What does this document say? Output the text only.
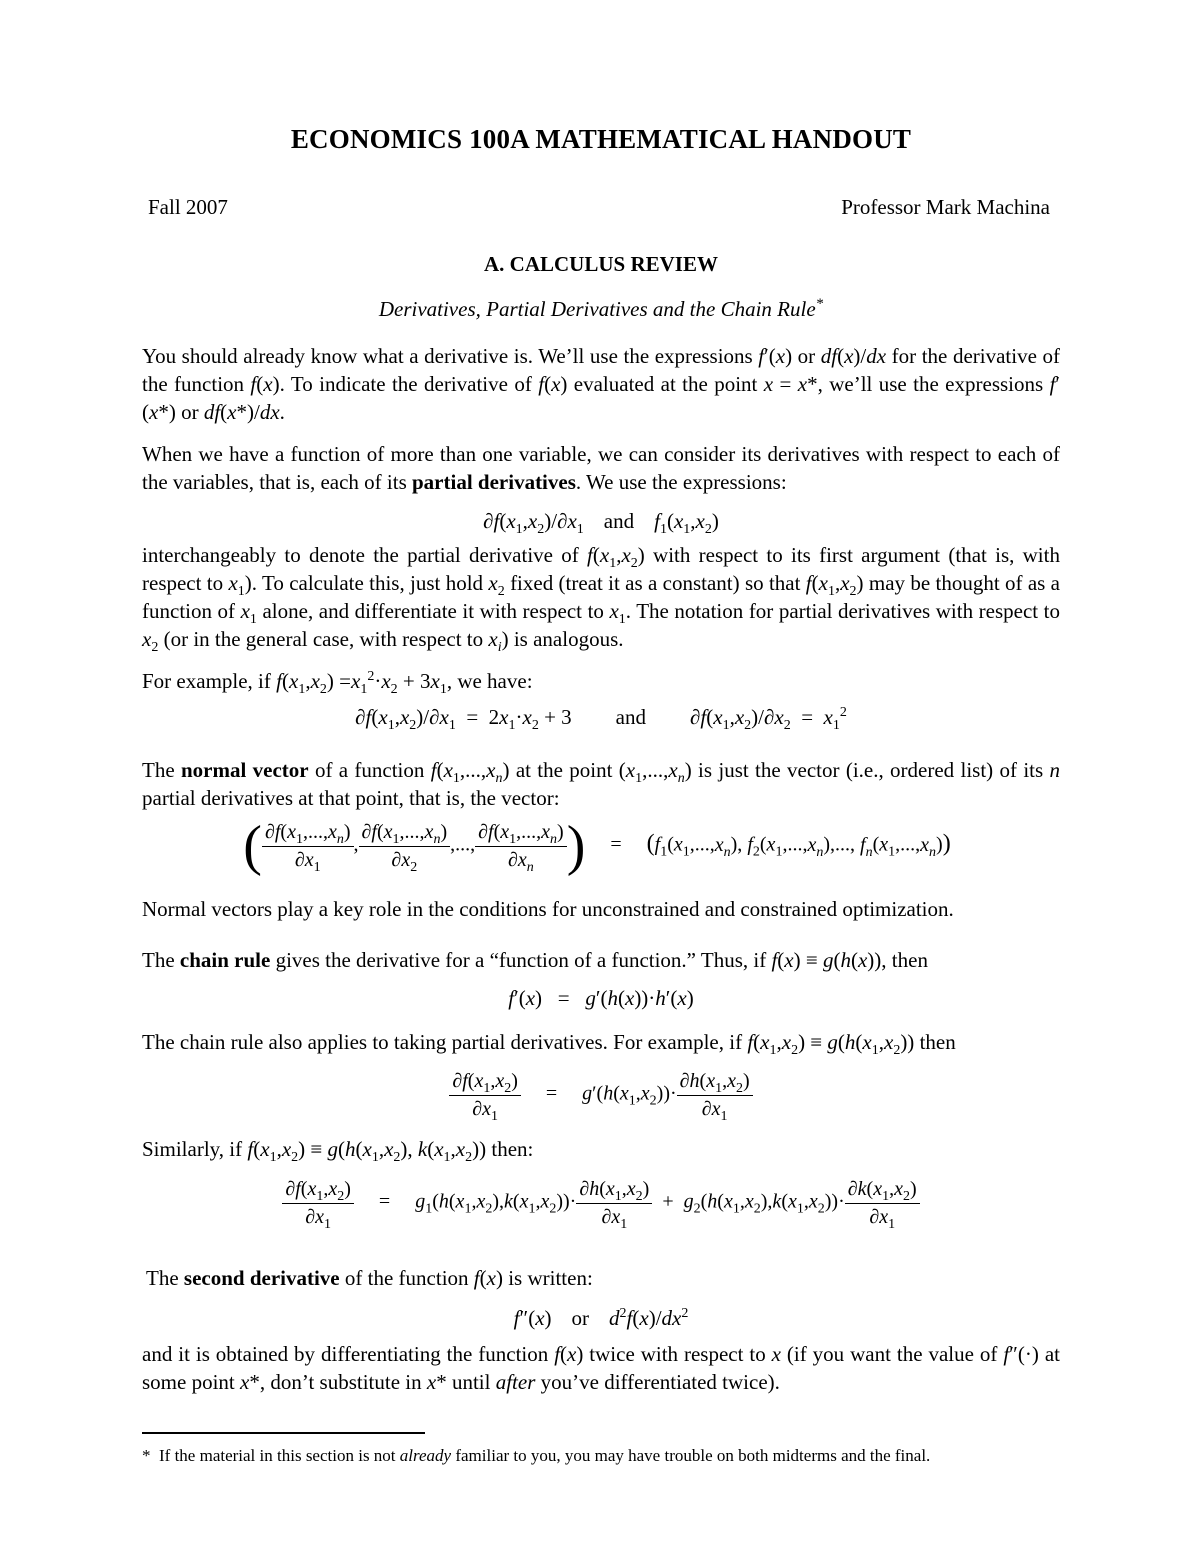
ECONOMICS 100A MATHEMATICAL HANDOUT
Fall 2007	Professor Mark Machina
A. CALCULUS REVIEW
Derivatives, Partial Derivatives and the Chain Rule*
You should already know what a derivative is. We’ll use the expressions f′(x) or df(x)/dx for the derivative of the function f(x). To indicate the derivative of f(x) evaluated at the point x = x*, we’ll use the expressions f′(x*) or df(x*)/dx.
When we have a function of more than one variable, we can consider its derivatives with respect to each of the variables, that is, each of its partial derivatives. We use the expressions:
$\partial f(x_1,x_2)/\partial x_1$ and $f_1(x_1,x_2)$
interchangeably to denote the partial derivative of $f(x_1,x_2)$ with respect to its first argument (that is, with respect to $x_1$). To calculate this, just hold $x_2$ fixed (treat it as a constant) so that $f(x_1,x_2)$ may be thought of as a function of $x_1$ alone, and differentiate it with respect to $x_1$. The notation for partial derivatives with respect to $x_2$ (or in the general case, with respect to $x_i$) is analogous.
For example, if $f(x_1,x_2) =x_1^2\cdot x_2 + 3x_1$, we have:
$\partial f(x_1,x_2)/\partial x_1 = 2x_1\cdot x_2 + 3$ and $\partial f(x_1,x_2)/\partial x_2 = x_1^2$
The normal vector of a function $f(x_1,...,x_n)$ at the point $(x_1,...,x_n)$ is just the vector (i.e., ordered list) of its n partial derivatives at that point, that is, the vector:
( $\frac{\partial f(x_1,...,x_n)}{\partial x_1}$ , $\frac{\partial f(x_1,...,x_n)}{\partial x_2}$ ,..., $\frac{\partial f(x_1,...,x_n)}{\partial x_n}$ ) = ($f_1(x_1,...,x_n)$, $f_2(x_1,...,x_n)$,..., $f_n(x_1,...,x_n)$)
Normal vectors play a key role in the conditions for unconstrained and constrained optimization.
The chain rule gives the derivative for a “function of a function.” Thus, if f(x) ≡ g(h(x)), then
f′(x)   =   g′(h(x))·h′(x)
The chain rule also applies to taking partial derivatives. For example, if $f(x_1,x_2) \equiv g(h(x_1,x_2))$ then
$\frac{\partial f(x_1,x_2)}{\partial x_1} = g'(h(x_1,x_2))\cdot \frac{\partial h(x_1,x_2)}{\partial x_1}$
Similarly, if $f(x_1,x_2) \equiv g(h(x_1,x_2)$, $k(x_1,x_2)$) then:
$\frac{\partial f(x_1,x_2)}{\partial x_1} = g_1(h(x_1,x_2),k(x_1,x_2))\cdot \frac{\partial h(x_1,x_2)}{\partial x_1} + g_2(h(x_1,x_2),k(x_1,x_2))\cdot \frac{\partial k(x_1,x_2)}{\partial x_1}$
The second derivative of the function f(x) is written:
f″(x) or $d^2f(x)/dx^2$
and it is obtained by differentiating the function f(x) twice with respect to x (if you want the value of f″(·) at some point x*, don’t substitute in x* until after you’ve differentiated twice).
* If the material in this section is not already familiar to you, you may have trouble on both midterms and the final.
